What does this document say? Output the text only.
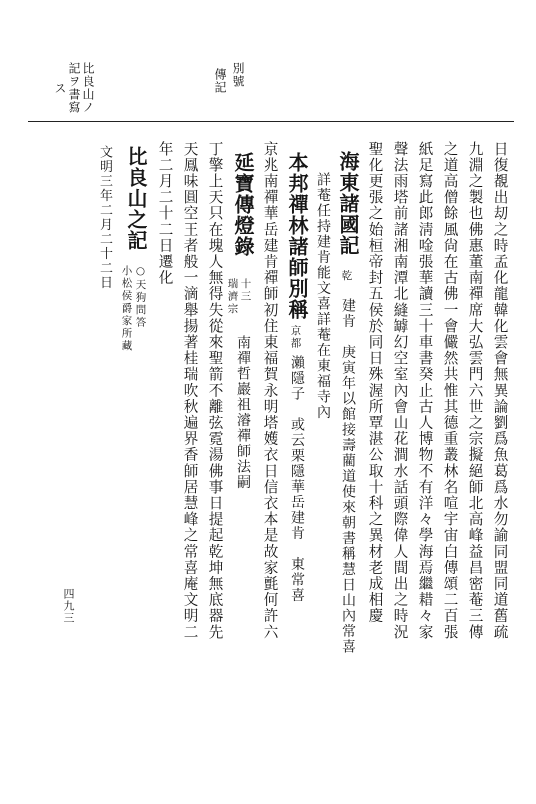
別號
傳記
比良山ノ
記ヲ書寫
ス
日復覩出刧之時孟化龍韓化雲會無異論劉爲魚葛爲水勿諭同盟同道舊疏
九淵之製也佛惠董南禪席大弘雲門六世之宗擬絕師北高峰益昌密菴三傳
之道高僧餘風尙在古佛一會儼然共惟其德重叢林名喧宇宙白傳頌二百張
紙足寫此郎淸唫張華讀三十車書癸止古人博物不有洋々學海焉繼耤々家
聲法雨塔前諸湘南潭北縫罅幻空室內會山花澗水話頭際偉人間出之時況
聖化更張之始桓帝封五侯於同日殊渥所覃湛公取十科之異材老成相慶
海東諸國記
乾
建肯　庚寅年以館接壽藺道使來朝書稱慧日山內常喜
詳菴任持建肯能文喜詳菴在東福寺內
本邦禪林諸師別稱
京都
瀨隱子　或云栗隱華岳建肯　東常喜
京兆南禪華岳建肯禪師初住東福賀永明塔嬳衣日信衣本是故家氈何許六
延寶傳燈錄
十三
瑞濟宗
南禪哲巖祖濬禪師法嗣
丁擎上天只在塊人無得失從來聖箭不離弦霓湯佛事日提起乾坤無底器先
天鳳味圓空王者般一滴舉揚著桂瑞吹秋遍界香師居慧峰之常喜庵文明二
年二月二十二日遷化
比良山之記
○天狗問答
小松侯爵家所藏
文明三年二月二十二日
四九三
